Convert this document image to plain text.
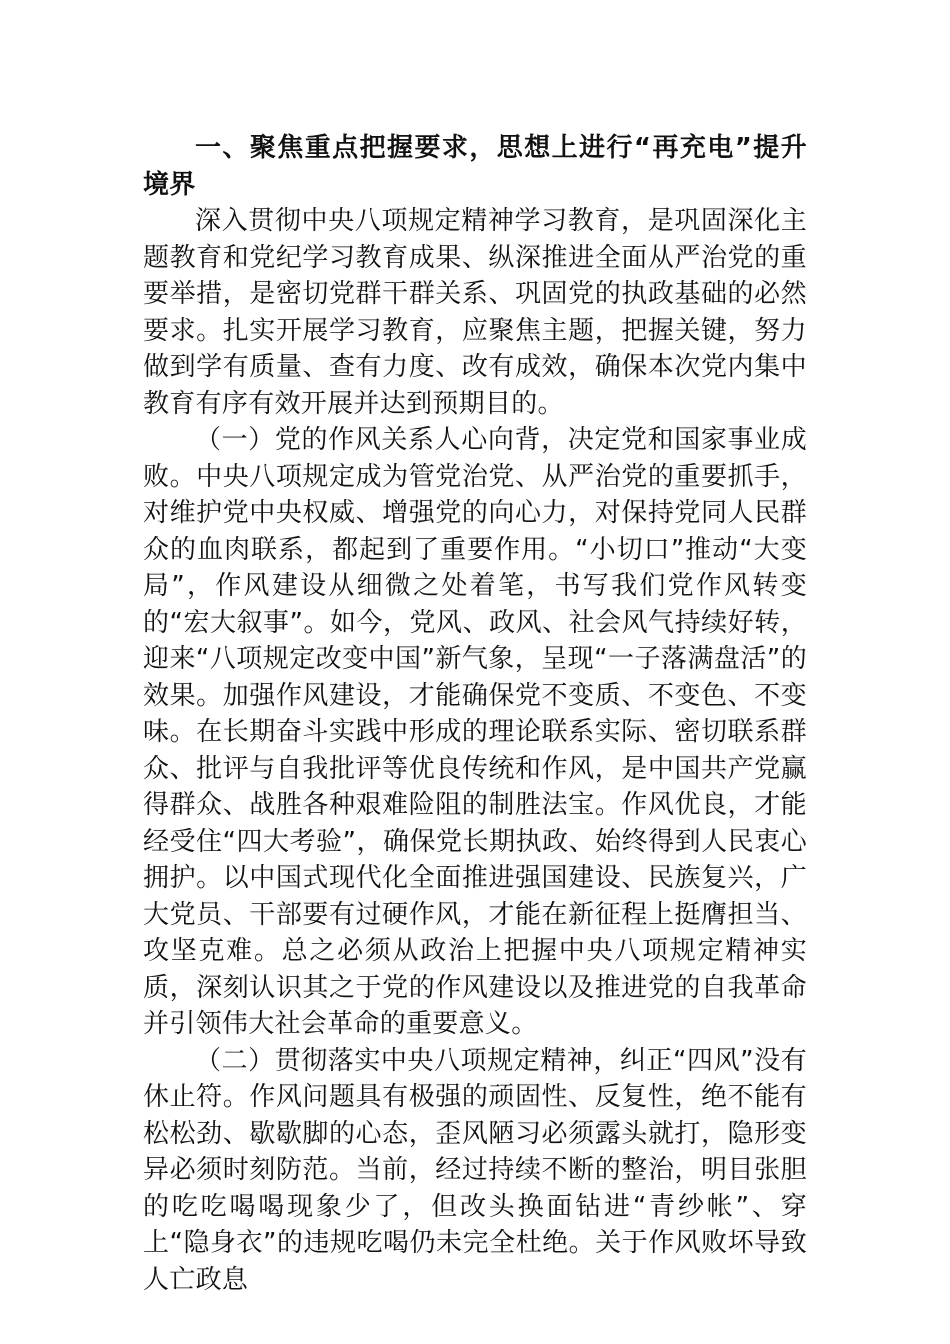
一、聚焦重点把握要求，思想上进行“再充电”提升境界

深入贯彻中央八项规定精神学习教育，是巩固深化主题教育和党纪学习教育成果、纵深推进全面从严治党的重要举措，是密切党群干群关系、巩固党的执政基础的必然要求。扎实开展学习教育，应聚焦主题，把握关键，努力做到学有质量、查有力度、改有成效，确保本次党内集中教育有序有效开展并达到预期目的。

（一）党的作风关系人心向背，决定党和国家事业成败。中央八项规定成为管党治党、从严治党的重要抓手，对维护党中央权威、增强党的向心力，对保持党同人民群众的血肉联系，都起到了重要作用。“小切口”推动“大变局”，作风建设从细微之处着笔，书写我们党作风转变的“宏大叙事”。如今，党风、政风、社会风气持续好转，迎来“八项规定改变中国”新气象，呈现“一子落满盘活”的效果。加强作风建设，才能确保党不变质、不变色、不变味。在长期奋斗实践中形成的理论联系实际、密切联系群众、批评与自我批评等优良传统和作风，是中国共产党赢得群众、战胜各种艰难险阻的制胜法宝。作风优良，才能经受住“四大考验”，确保党长期执政、始终得到人民衷心拥护。以中国式现代化全面推进强国建设、民族复兴，广大党员、干部要有过硬作风，才能在新征程上挺膺担当、攻坚克难。总之必须从政治上把握中央八项规定精神实质，深刻认识其之于党的作风建设以及推进党的自我革命并引领伟大社会革命的重要意义。

（二）贯彻落实中央八项规定精神，纠正“四风”没有休止符。作风问题具有极强的顽固性、反复性，绝不能有松松劲、歇歇脚的心态，歪风陋习必须露头就打，隐形变异必须时刻防范。当前，经过持续不断的整治，明目张胆的吃吃喝喝现象少了，但改头换面钻进“青纱帐”、穿上“隐身衣”的违规吃喝仍未完全杜绝。关于作风败坏导致人亡政息
